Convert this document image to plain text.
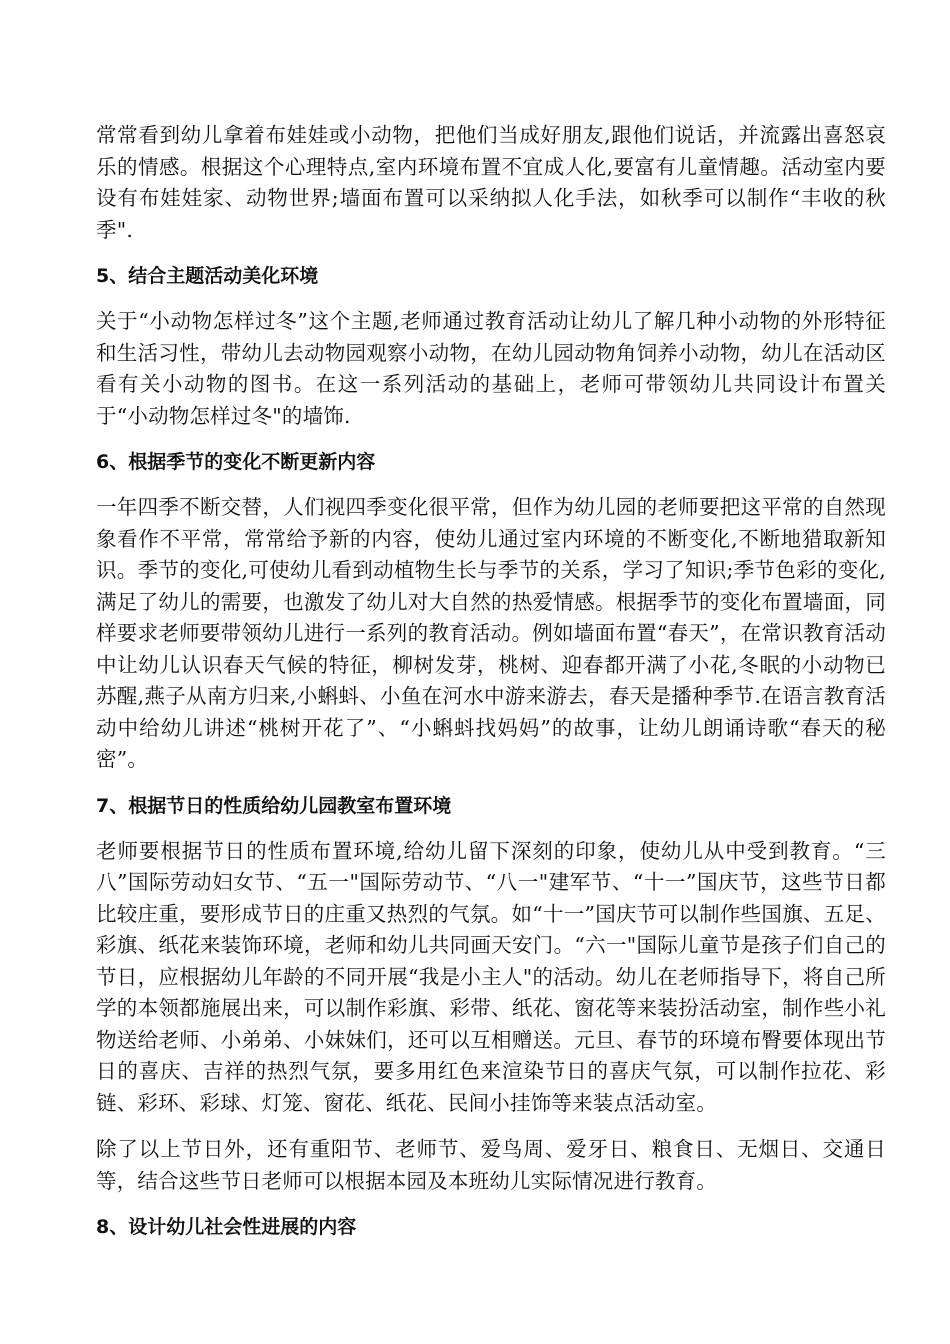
常常看到幼儿拿着布娃娃或小动物，把他们当成好朋友,跟他们说话，并流露出喜怒哀乐的情感。根据这个心理特点,室内环境布置不宜成人化,要富有儿童情趣。活动室内要设有布娃娃家、动物世界;墙面布置可以采纳拟人化手法，如秋季可以制作“丰收的秋季".

5、结合主题活动美化环境

关于“小动物怎样过冬”这个主题,老师通过教育活动让幼儿了解几种小动物的外形特征和生活习性，带幼儿去动物园观察小动物，在幼儿园动物角饲养小动物，幼儿在活动区看有关小动物的图书。在这一系列活动的基础上，老师可带领幼儿共同设计布置关于“小动物怎样过冬"的墙饰.

6、根据季节的变化不断更新内容

一年四季不断交替，人们视四季变化很平常，但作为幼儿园的老师要把这平常的自然现象看作不平常，常常给予新的内容，使幼儿通过室内环境的不断变化,不断地猎取新知识。季节的变化,可使幼儿看到动植物生长与季节的关系，学习了知识;季节色彩的变化,满足了幼儿的需要，也激发了幼儿对大自然的热爱情感。根据季节的变化布置墙面，同样要求老师要带领幼儿进行一系列的教育活动。例如墙面布置“春天”，在常识教育活动中让幼儿认识春天气候的特征，柳树发芽，桃树、迎春都开满了小花,冬眠的小动物已苏醒,燕子从南方归来,小蝌蚪、小鱼在河水中游来游去，春天是播种季节.在语言教育活动中给幼儿讲述“桃树开花了”、“小蝌蚪找妈妈”的故事，让幼儿朗诵诗歌“春天的秘密”。

7、根据节日的性质给幼儿园教室布置环境

老师要根据节日的性质布置环境,给幼儿留下深刻的印象，使幼儿从中受到教育。“三八”国际劳动妇女节、“五一"国际劳动节、“八一"建军节、“十一”国庆节，这些节日都比较庄重，要形成节日的庄重又热烈的气氛。如“十一”国庆节可以制作些国旗、五足、彩旗、纸花来装饰环境，老师和幼儿共同画天安门。“六一"国际儿童节是孩子们自己的节日，应根据幼儿年龄的不同开展“我是小主人"的活动。幼儿在老师指导下，将自己所学的本领都施展出来，可以制作彩旗、彩带、纸花、窗花等来装扮活动室，制作些小礼物送给老师、小弟弟、小妹妹们，还可以互相赠送。元旦、春节的环境布臀要体现出节日的喜庆、吉祥的热烈气氛，要多用红色来渲染节日的喜庆气氛，可以制作拉花、彩链、彩环、彩球、灯笼、窗花、纸花、民间小挂饰等来装点活动室。

除了以上节日外，还有重阳节、老师节、爱鸟周、爱牙日、粮食日、无烟日、交通日等，结合这些节日老师可以根据本园及本班幼儿实际情况进行教育。

8、设计幼儿社会性进展的内容
